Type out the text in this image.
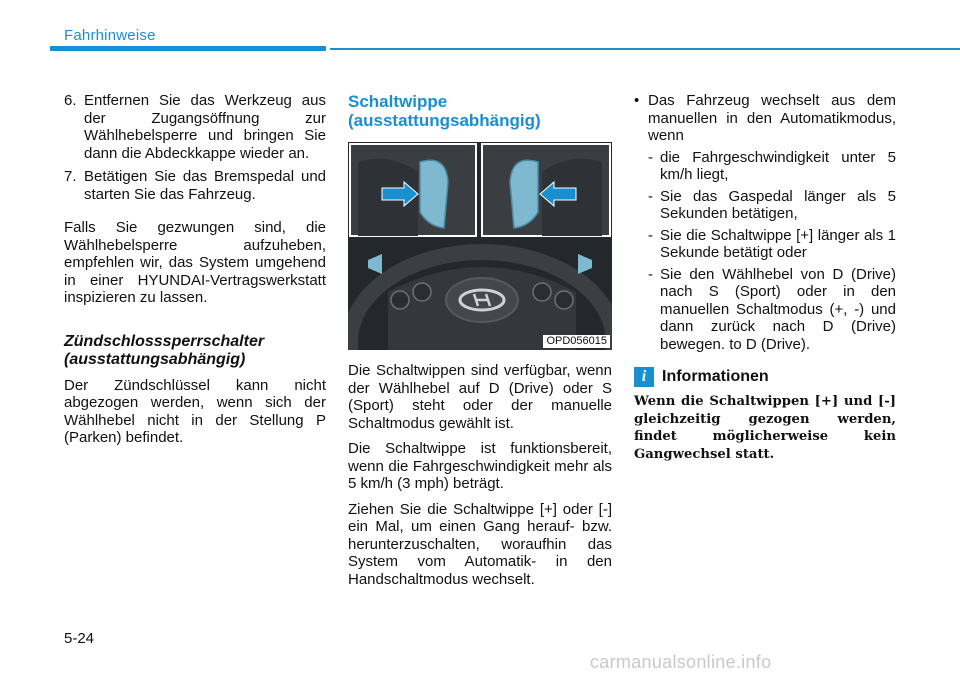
Fahrhinweise
6. Entfernen Sie das Werkzeug aus der Zugangsöffnung zur Wählhebelsperre und bringen Sie dann die Abdeckkappe wieder an.
7. Betätigen Sie das Bremspedal und starten Sie das Fahrzeug.

Falls Sie gezwungen sind, die Wählhebelsperre aufzuheben, empfehlen wir, das System umgehend in einer HYUNDAI-Vertragswerkstatt inspizieren zu lassen.

Zündschlosssperrschalter (ausstattungsabhängig)

Der Zündschlüssel kann nicht abgezogen werden, wenn sich der Wählhebel nicht in der Stellung P (Parken) befindet.

Schaltwippe (ausstattungsabhängig)
OPD056015

Die Schaltwippen sind verfügbar, wenn der Wählhebel auf D (Drive) oder S (Sport) steht oder der manuelle Schaltmodus gewählt ist.

Die Schaltwippe ist funktionsbereit, wenn die Fahrgeschwindigkeit mehr als 5 km/h (3 mph) beträgt.

Ziehen Sie die Schaltwippe [+] oder [-] ein Mal, um einen Gang herauf- bzw. herunterzuschalten, woraufhin das System vom Automatik- in den Handschaltmodus wechselt.

• Das Fahrzeug wechselt aus dem manuellen in den Automatikmodus, wenn
- die Fahrgeschwindigkeit unter 5 km/h liegt,
- Sie das Gaspedal länger als 5 Sekunden betätigen,
- Sie die Schaltwippe [+] länger als 1 Sekunde betätigt oder
- Sie den Wählhebel von D (Drive) nach S (Sport) oder in den manuellen Schaltmodus (+, -) und dann zurück nach D (Drive) bewegen. to D (Drive).
i Informationen

Wenn die Schaltwippen [+] und [-] gleichzeitig gezogen werden, findet möglicherweise kein Gangwechsel statt.

5-24
carmanualsonline.info
